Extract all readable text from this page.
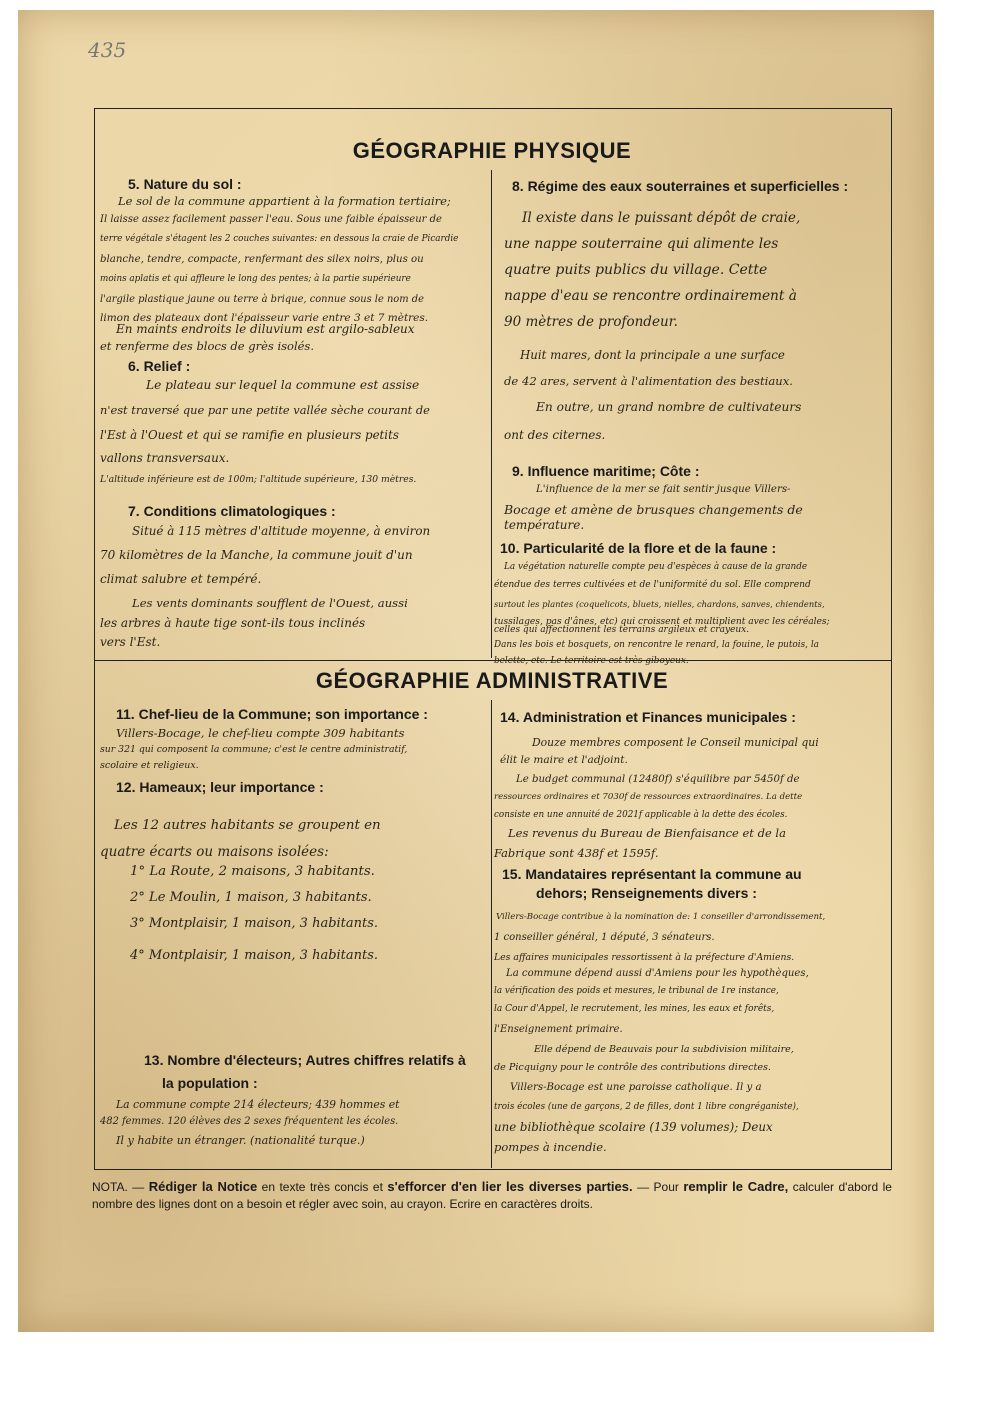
435
GÉOGRAPHIE PHYSIQUE
GÉOGRAPHIE ADMINISTRATIVE
5. Nature du sol :
6. Relief :
7. Conditions climatologiques :
8. Régime des eaux souterraines et superficielles :
9. Influence maritime; Côte :
10. Particularité de la flore et de la faune :
11. Chef-lieu de la Commune; son importance :
12. Hameaux; leur importance :
13. Nombre d'électeurs; Autres chiffres relatifs à
la population :
14. Administration et Finances municipales :
15. Mandataires représentant la commune au
dehors; Renseignements divers :
Le sol de la commune appartient à la formation tertiaire;
Il laisse assez facilement passer l'eau. Sous une faible épaisseur de
terre végétale s'étagent les 2 couches suivantes: en dessous la craie de Picardie
blanche, tendre, compacte, renfermant des silex noirs, plus ou
moins aplatis et qui affleure le long des pentes; à la partie supérieure
l'argile plastique jaune ou terre à brique, connue sous le nom de
limon des plateaux dont l'épaisseur varie entre 3 et 7 mètres.
En maints endroits le diluvium est argilo-sableux
et renferme des blocs de grès isolés.
Le plateau sur lequel la commune est assise
n'est traversé que par une petite vallée sèche courant de
l'Est à l'Ouest et qui se ramifie en plusieurs petits
vallons transversaux.
L'altitude inférieure est de 100m; l'altitude supérieure, 130 mètres.
Situé à 115 mètres d'altitude moyenne, à environ
70 kilomètres de la Manche, la commune jouit d'un
climat salubre et tempéré.
Les vents dominants soufflent de l'Ouest, aussi
les arbres à haute tige sont-ils tous inclinés
vers l'Est.
Il existe dans le puissant dépôt de craie,
une nappe souterraine qui alimente les
quatre puits publics du village. Cette
nappe d'eau se rencontre ordinairement à
90 mètres de profondeur.
Huit mares, dont la principale a une surface
de 42 ares, servent à l'alimentation des bestiaux.
En outre, un grand nombre de cultivateurs
ont des citernes.
L'influence de la mer se fait sentir jusque Villers-
Bocage et amène de brusques changements de
température.
La végétation naturelle compte peu d'espèces à cause de la grande
étendue des terres cultivées et de l'uniformité du sol. Elle comprend
surtout les plantes (coquelicots, bluets, nielles, chardons, sanves, chiendents,
tussilages, pas d'ânes, etc) qui croissent et multiplient avec les céréales;
celles qui affectionnent les terrains argileux et crayeux.
Villers-Bocage, le chef-lieu compte 309 habitants
sur 321 qui composent la commune; c'est le centre administratif,
scolaire et religieux.
Les 12 autres habitants se groupent en
quatre écarts ou maisons isolées:
1° La Route, 2 maisons, 3 habitants.
2° Le Moulin, 1 maison, 3 habitants.
3° Montplaisir, 1 maison, 3 habitants.
4° Montplaisir, 1 maison, 3 habitants.
La commune compte 214 électeurs; 439 hommes et
482 femmes. 120 élèves des 2 sexes fréquentent les écoles.
Il y habite un étranger. (nationalité turque.)
Douze membres composent le Conseil municipal qui
élit le maire et l'adjoint.
Le budget communal (12480f) s'équilibre par 5450f de
ressources ordinaires et 7030f de ressources extraordinaires. La dette
consiste en une annuité de 2021f applicable à la dette des écoles.
Les revenus du Bureau de Bienfaisance et de la
Fabrique sont 438f et 1595f.
Villers-Bocage contribue à la nomination de: 1 conseiller d'arrondissement,
1 conseiller général, 1 député, 3 sénateurs.
Les affaires municipales ressortissent à la préfecture d'Amiens.
La commune dépend aussi d'Amiens pour les hypothèques,
la vérification des poids et mesures, le tribunal de 1re instance,
la Cour d'Appel, le recrutement, les mines, les eaux et forêts,
l'Enseignement primaire.
Elle dépend de Beauvais pour la subdivision militaire,
de Picquigny pour le contrôle des contributions directes.
Villers-Bocage est une paroisse catholique. Il y a
trois écoles (une de garçons, 2 de filles, dont 1 libre congréganiste),
une bibliothèque scolaire (139 volumes); Deux
pompes à incendie.
NOTA. — Rédiger la Notice en texte très concis et s'efforcer d'en lier les diverses parties. — Pour remplir le Cadre, calculer d'abord le nombre des lignes dont on a besoin et régler avec soin, au crayon. Ecrire en caractères droits.
Dans les bois et bosquets, on rencontre le renard, la fouine, le putois, la
belette, etc. Le territoire est très giboyeux.
